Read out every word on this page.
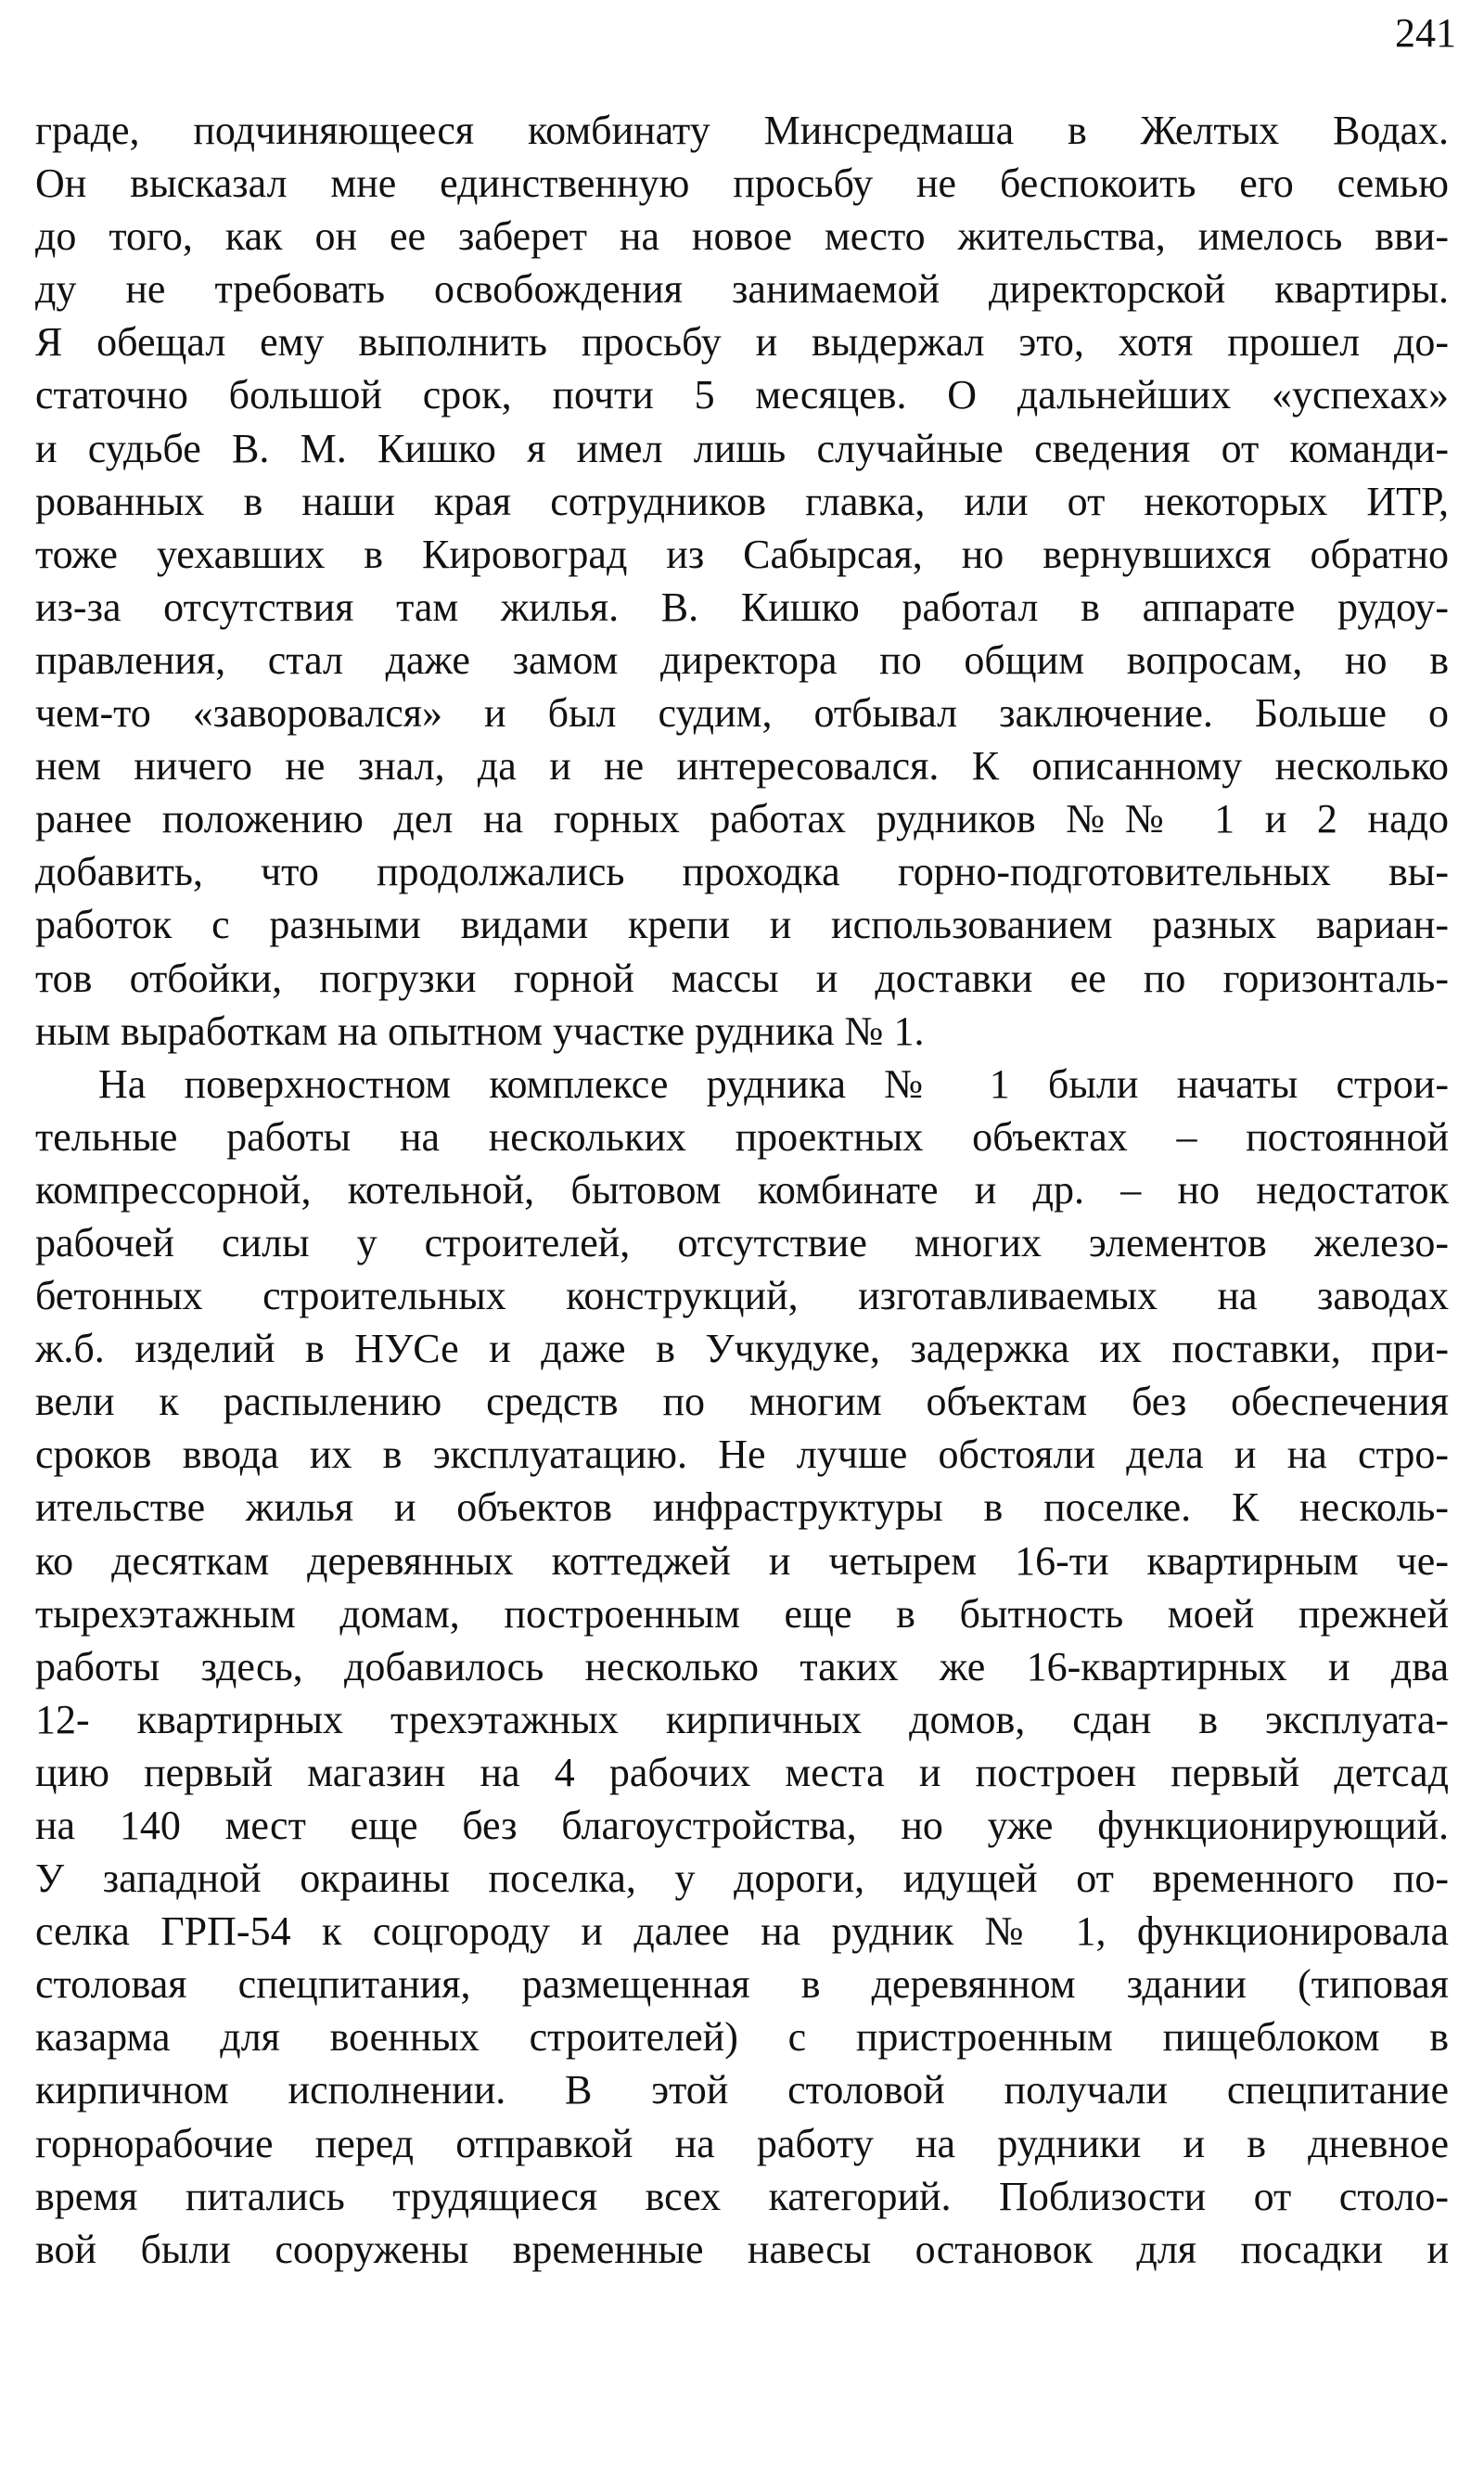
241
граде, подчиняющееся комбинату Минсредмаша в Желтых Водах.
Он высказал мне единственную просьбу не беспокоить его семью
до того, как он ее заберет на новое место жительства, имелось вви-
ду не требовать освобождения занимаемой директорской квартиры.
Я обещал ему выполнить просьбу и выдержал это, хотя прошел до-
статочно большой срок, почти 5 месяцев. О дальнейших «успехах»
и судьбе В. М. Кишко я имел лишь случайные сведения от команди-
рованных в наши края сотрудников главка, или от некоторых ИТР,
тоже уехавших в Кировоград из Сабырсая, но вернувшихся обратно
из-за отсутствия там жилья. В. Кишко работал в аппарате рудоу-
правления, стал даже замом директора по общим вопросам, но в
чем-то «заворовался» и был судим, отбывал заключение. Больше о
нем ничего не знал, да и не интересовался. К описанному несколько
ранее положению дел на горных работах рудников №№ 1 и 2 надо
добавить, что продолжались проходка горно-подготовительных вы-
работок с разными видами крепи и использованием разных вариан-
тов отбойки, погрузки горной массы и доставки ее по горизонталь-
ным выработкам на опытном участке рудника № 1.
На поверхностном комплексе рудника № 1 были начаты строи-
тельные работы на нескольких проектных объектах – постоянной
компрессорной, котельной, бытовом комбинате и др. – но недостаток
рабочей силы у строителей, отсутствие многих элементов железо-
бетонных строительных конструкций, изготавливаемых на заводах
ж.б. изделий в НУСе и даже в Учкудуке, задержка их поставки, при-
вели к распылению средств по многим объектам без обеспечения
сроков ввода их в эксплуатацию. Не лучше обстояли дела и на стро-
ительстве жилья и объектов инфраструктуры в поселке. К несколь-
ко десяткам деревянных коттеджей и четырем 16-ти квартирным че-
тырехэтажным домам, построенным еще в бытность моей прежней
работы здесь, добавилось несколько таких же 16-квартирных и два
12- квартирных трехэтажных кирпичных домов, сдан в эксплуата-
цию первый магазин на 4 рабочих места и построен первый детсад
на 140 мест еще без благоустройства, но уже функционирующий.
У западной окраины поселка, у дороги, идущей от временного по-
селка ГРП-54 к соцгороду и далее на рудник № 1, функционировала
столовая спецпитания, размещенная в деревянном здании (типовая
казарма для военных строителей) с пристроенным пищеблоком в
кирпичном исполнении. В этой столовой получали спецпитание
горнорабочие перед отправкой на работу на рудники и в дневное
время питались трудящиеся всех категорий. Поблизости от столо-
вой были сооружены временные навесы остановок для посадки и
